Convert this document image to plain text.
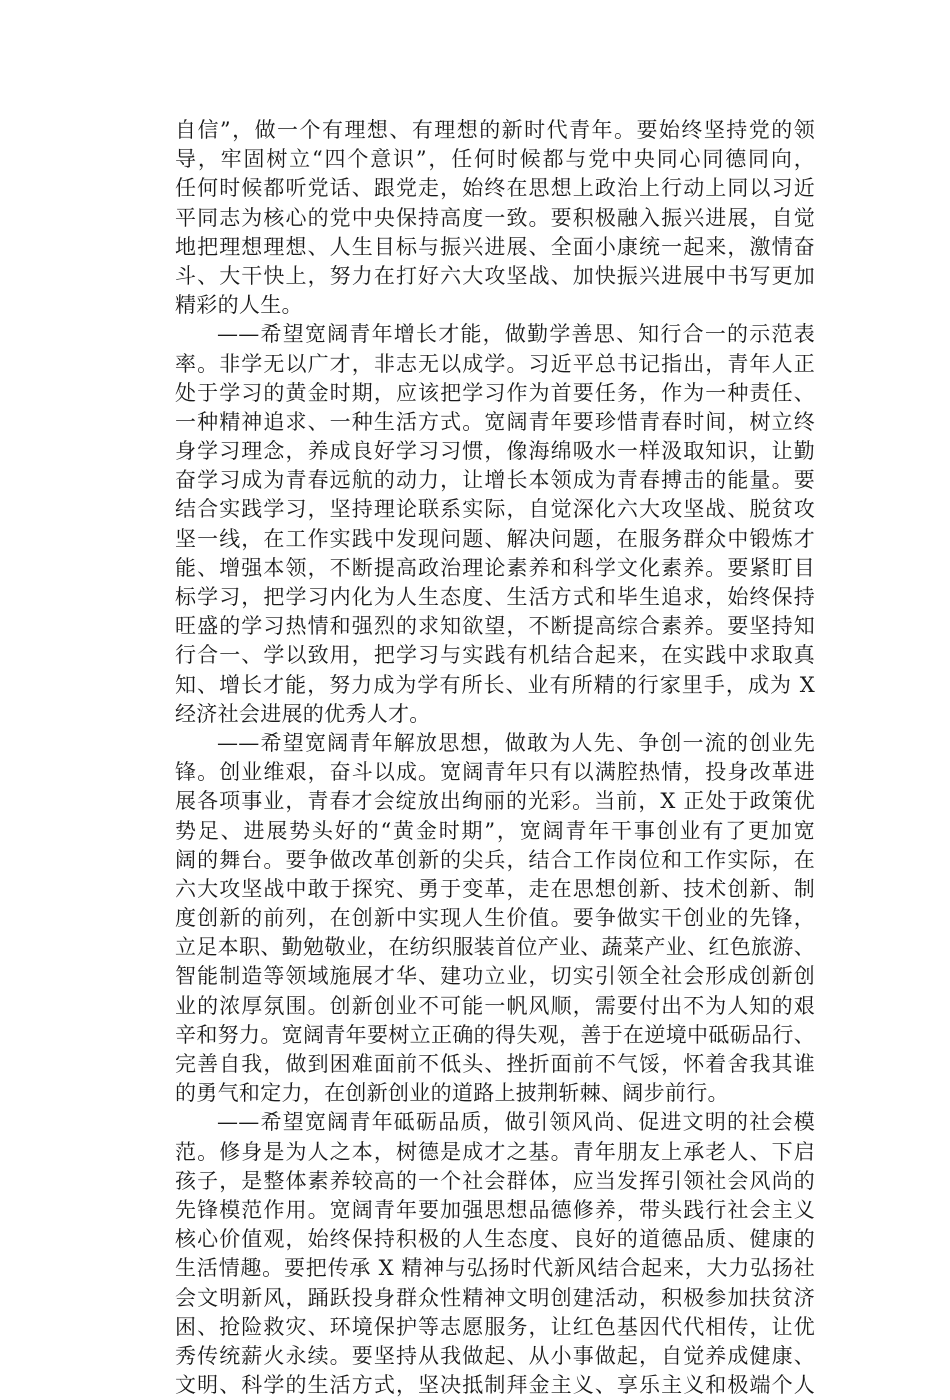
自信”，做一个有理想、有理想的新时代青年。要始终坚持党的领
导，牢固树立“四个意识”，任何时候都与党中央同心同德同向，
任何时候都听党话、跟党走，始终在思想上政治上行动上同以习近
平同志为核心的党中央保持高度一致。要积极融入振兴进展，自觉
地把理想理想、人生目标与振兴进展、全面小康统一起来，激情奋
斗、大干快上，努力在打好六大攻坚战、加快振兴进展中书写更加
精彩的人生。
——希望宽阔青年增长才能，做勤学善思、知行合一的示范表
率。非学无以广才，非志无以成学。习近平总书记指出，青年人正
处于学习的黄金时期，应该把学习作为首要任务，作为一种责任、
一种精神追求、一种生活方式。宽阔青年要珍惜青春时间，树立终
身学习理念，养成良好学习习惯，像海绵吸水一样汲取知识，让勤
奋学习成为青春远航的动力，让增长本领成为青春搏击的能量。要
结合实践学习，坚持理论联系实际，自觉深化六大攻坚战、脱贫攻
坚一线，在工作实践中发现问题、解决问题，在服务群众中锻炼才
能、增强本领，不断提高政治理论素养和科学文化素养。要紧盯目
标学习，把学习内化为人生态度、生活方式和毕生追求，始终保持
旺盛的学习热情和强烈的求知欲望，不断提高综合素养。要坚持知
行合一、学以致用，把学习与实践有机结合起来，在实践中求取真
知、增长才能，努力成为学有所长、业有所精的行家里手，成为 X
经济社会进展的优秀人才。
——希望宽阔青年解放思想，做敢为人先、争创一流的创业先
锋。创业维艰，奋斗以成。宽阔青年只有以满腔热情，投身改革进
展各项事业，青春才会绽放出绚丽的光彩。当前，X 正处于政策优
势足、进展势头好的“黄金时期”，宽阔青年干事创业有了更加宽
阔的舞台。要争做改革创新的尖兵，结合工作岗位和工作实际，在
六大攻坚战中敢于探究、勇于变革，走在思想创新、技术创新、制
度创新的前列，在创新中实现人生价值。要争做实干创业的先锋，
立足本职、勤勉敬业，在纺织服装首位产业、蔬菜产业、红色旅游、
智能制造等领域施展才华、建功立业，切实引领全社会形成创新创
业的浓厚氛围。创新创业不可能一帆风顺，需要付出不为人知的艰
辛和努力。宽阔青年要树立正确的得失观，善于在逆境中砥砺品行、
完善自我，做到困难面前不低头、挫折面前不气馁，怀着舍我其谁
的勇气和定力，在创新创业的道路上披荆斩棘、阔步前行。
——希望宽阔青年砥砺品质，做引领风尚、促进文明的社会模
范。修身是为人之本，树德是成才之基。青年朋友上承老人、下启
孩子，是整体素养较高的一个社会群体，应当发挥引领社会风尚的
先锋模范作用。宽阔青年要加强思想品德修养，带头践行社会主义
核心价值观，始终保持积极的人生态度、良好的道德品质、健康的
生活情趣。要把传承 X 精神与弘扬时代新风结合起来，大力弘扬社
会文明新风，踊跃投身群众性精神文明创建活动，积极参加扶贫济
困、抢险救灾、环境保护等志愿服务，让红色基因代代相传，让优
秀传统薪火永续。要坚持从我做起、从小事做起，自觉养成健康、
文明、科学的生活方式，坚决抵制拜金主义、享乐主义和极端个人
